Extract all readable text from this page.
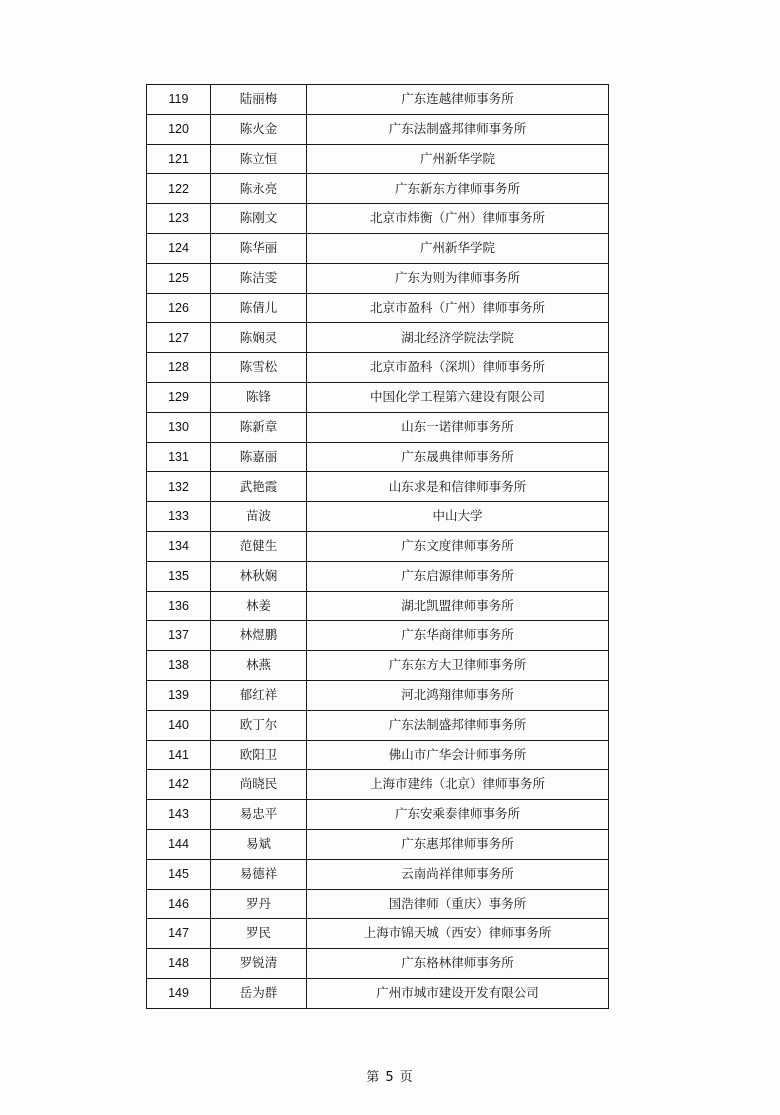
119	陆丽梅	广东连越律师事务所
120	陈火金	广东法制盛邦律师事务所
121	陈立恒	广州新华学院
122	陈永亮	广东新东方律师事务所
123	陈刚文	北京市炜衡（广州）律师事务所
124	陈华丽	广州新华学院
125	陈洁雯	广东为则为律师事务所
126	陈倩儿	北京市盈科（广州）律师事务所
127	陈娴灵	湖北经济学院法学院
128	陈雪松	北京市盈科（深圳）律师事务所
129	陈锋	中国化学工程第六建设有限公司
130	陈新章	山东一诺律师事务所
131	陈嘉丽	广东晟典律师事务所
132	武艳霞	山东求是和信律师事务所
133	苗波	中山大学
134	范健生	广东文度律师事务所
135	林秋娴	广东启源律师事务所
136	林姜	湖北凯盟律师事务所
137	林煜鹏	广东华商律师事务所
138	林燕	广东东方大卫律师事务所
139	郁红祥	河北鸿翔律师事务所
140	欧丁尔	广东法制盛邦律师事务所
141	欧阳卫	佛山市广华会计师事务所
142	尚晓民	上海市建纬（北京）律师事务所
143	易忠平	广东安乘泰律师事务所
144	易斌	广东惠邦律师事务所
145	易德祥	云南尚祥律师事务所
146	罗丹	国浩律师（重庆）事务所
147	罗民	上海市锦天城（西安）律师事务所
148	罗锐清	广东格林律师事务所
149	岳为群	广州市城市建设开发有限公司
第 5 页
